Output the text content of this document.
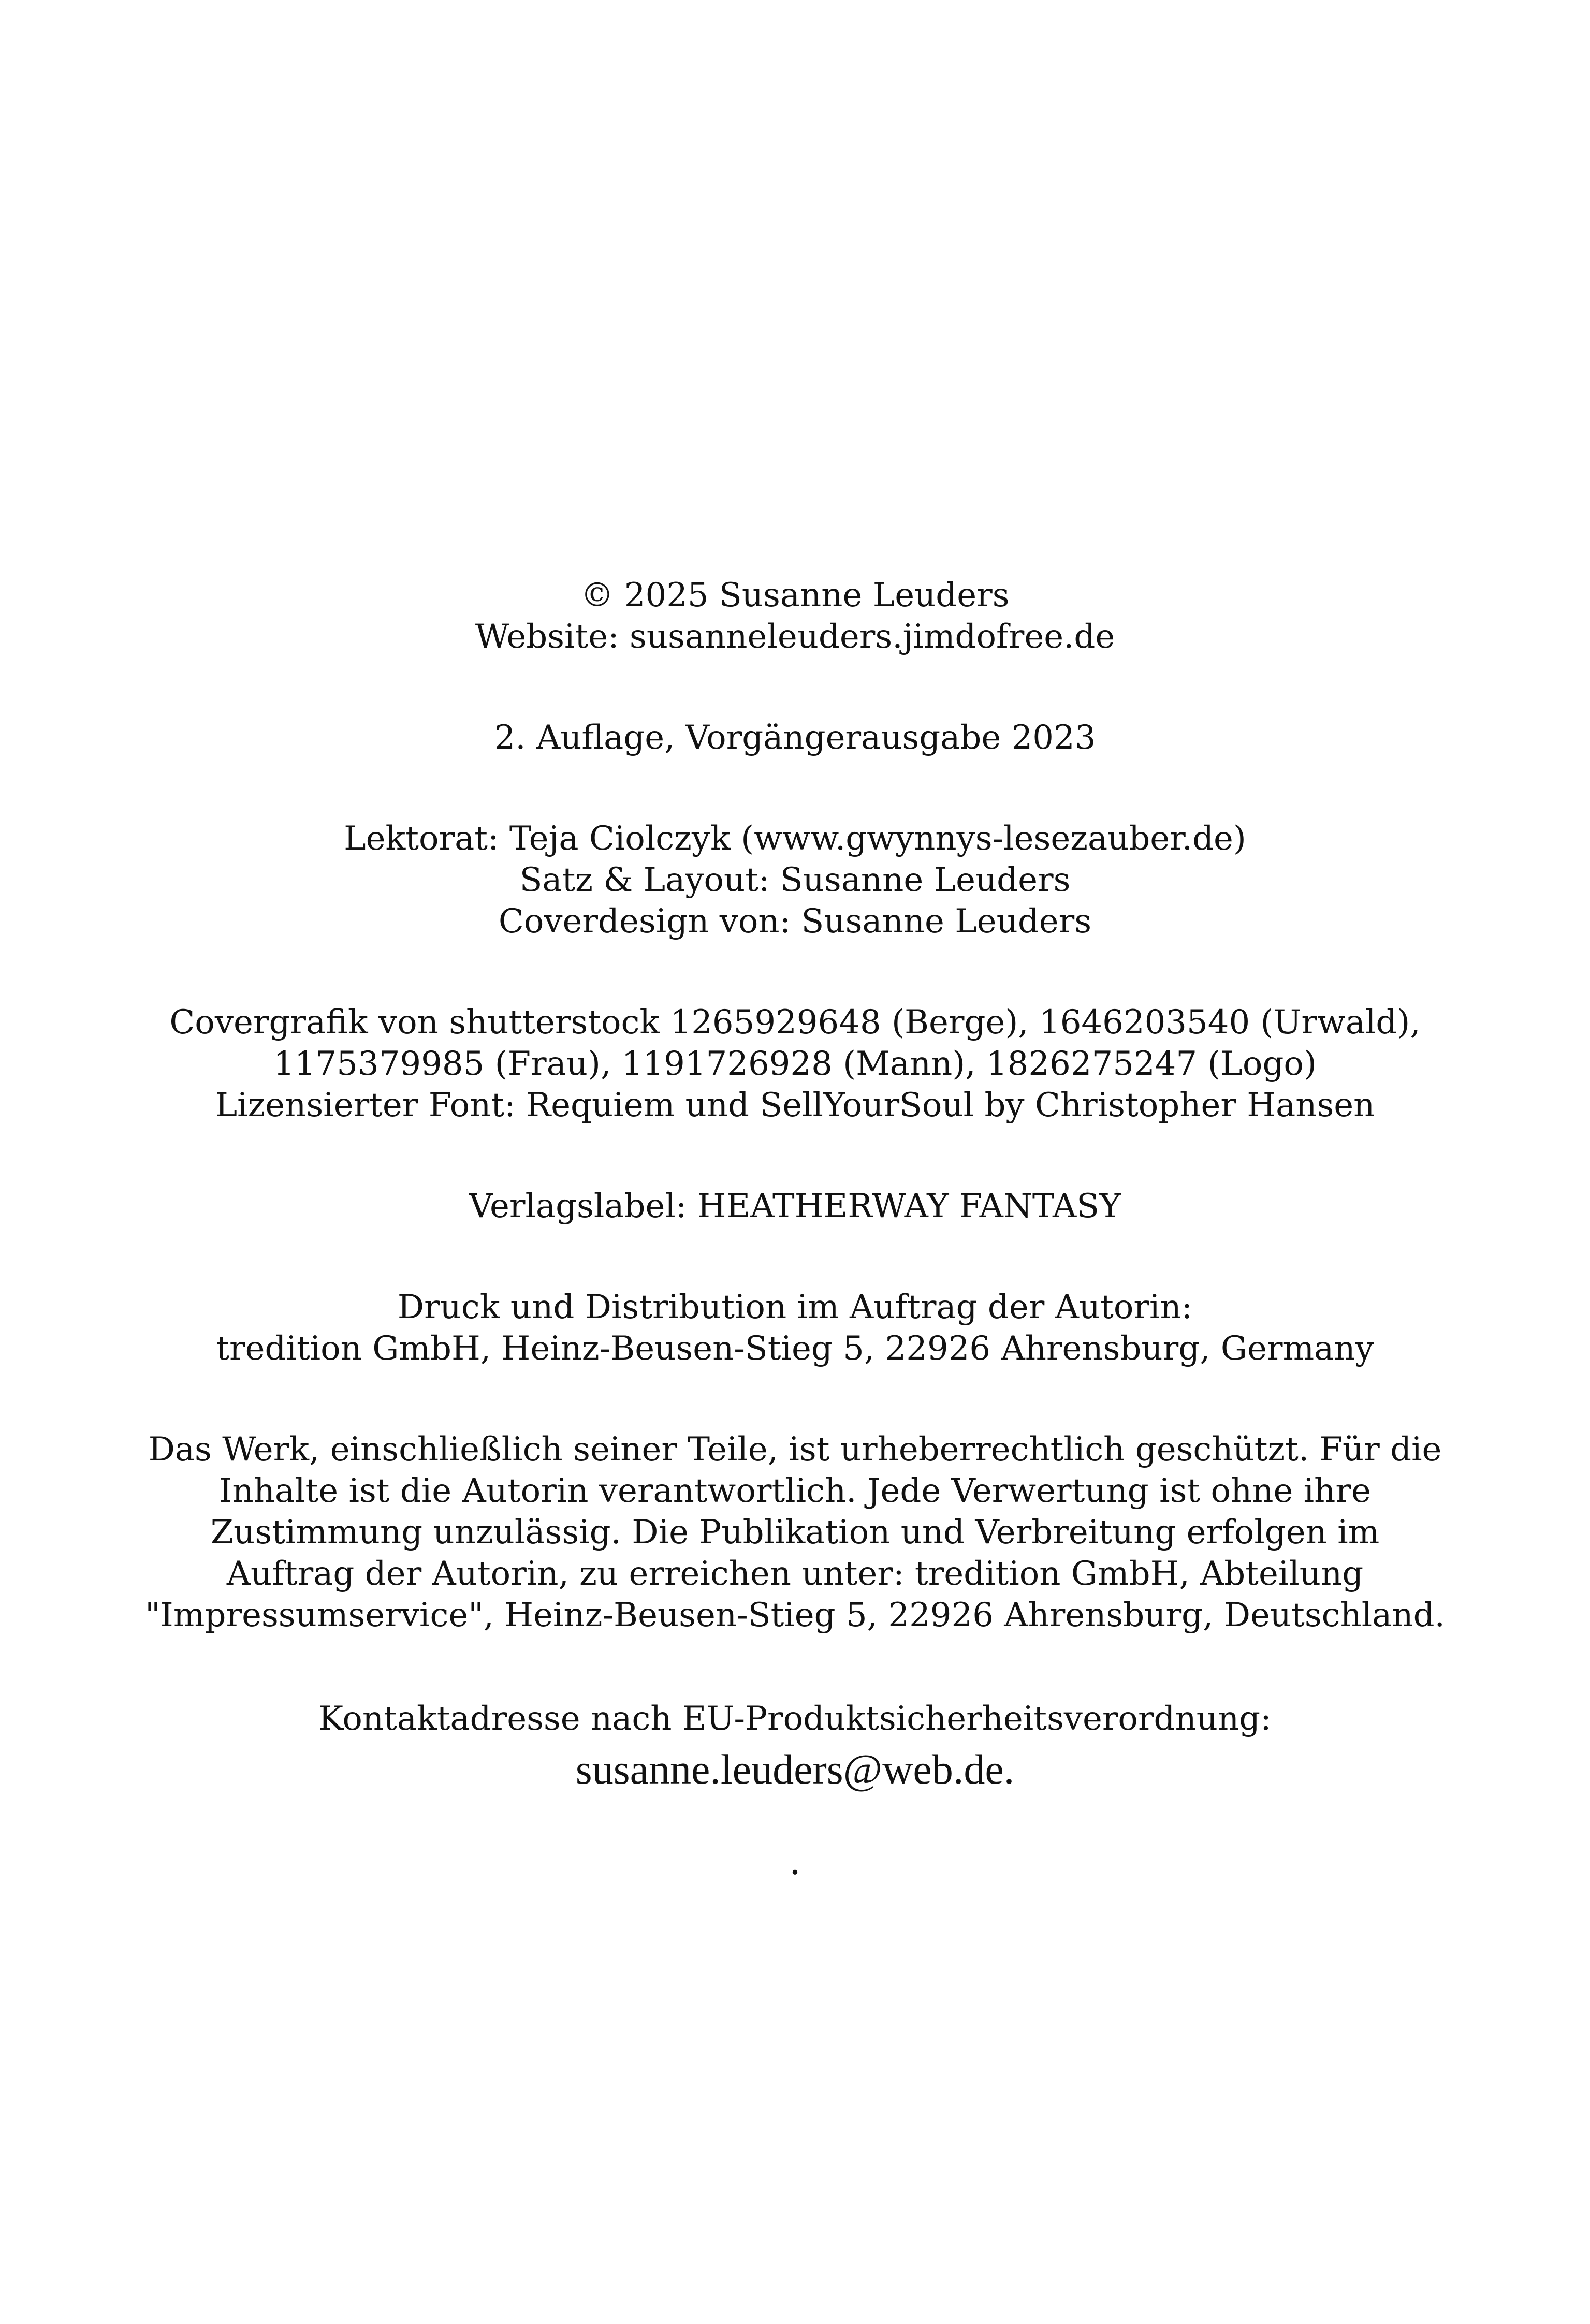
© 2025 Susanne Leuders
Website: susanneleuders.jimdofree.de
2. Auflage, Vorgängerausgabe 2023
Lektorat: Teja Ciolczyk (www.gwynnys-lesezauber.de)
Satz & Layout: Susanne Leuders
Coverdesign von: Susanne Leuders
Covergrafik von shutterstock 1265929648 (Berge), 1646203540 (Urwald),
1175379985 (Frau), 1191726928 (Mann), 1826275247 (Logo)
Lizensierter Font: Requiem und SellYourSoul by Christopher Hansen
Verlagslabel: HEATHERWAY FANTASY
Druck und Distribution im Auftrag der Autorin:
tredition GmbH, Heinz-Beusen-Stieg 5, 22926 Ahrensburg, Germany
Das Werk, einschließlich seiner Teile, ist urheberrechtlich geschützt. Für die
Inhalte ist die Autorin verantwortlich. Jede Verwertung ist ohne ihre
Zustimmung unzulässig. Die Publikation und Verbreitung erfolgen im
Auftrag der Autorin, zu erreichen unter: tredition GmbH, Abteilung
"Impressumservice", Heinz-Beusen-Stieg 5, 22926 Ahrensburg, Deutschland.
Kontaktadresse nach EU-Produktsicherheitsverordnung:
susanne.leuders@web.de.
.
